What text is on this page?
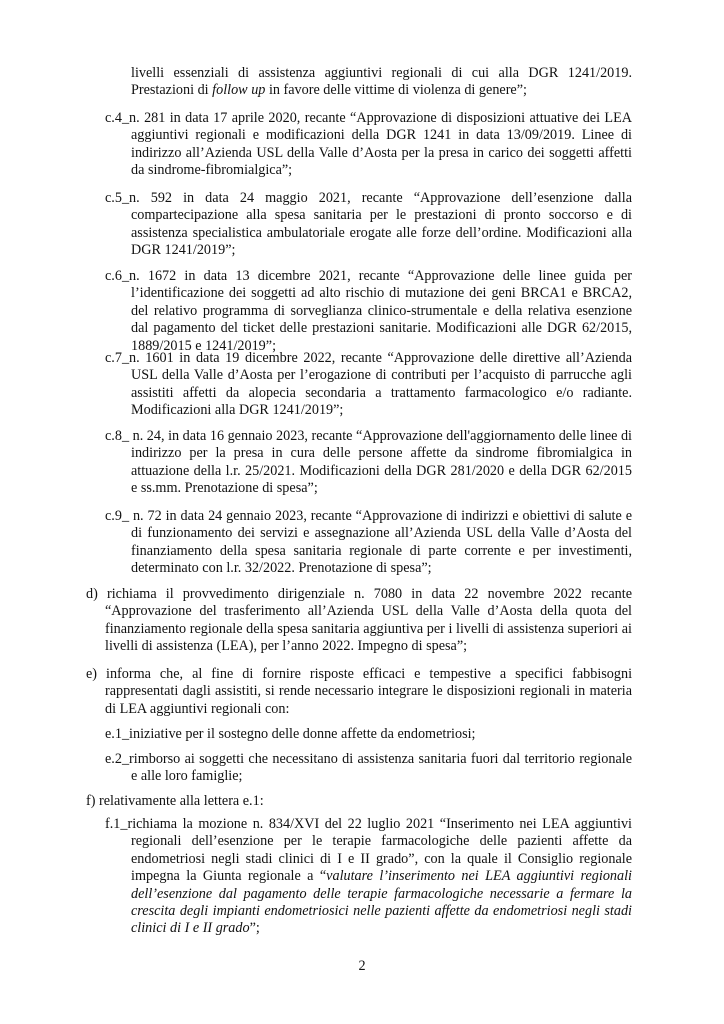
livelli essenziali di assistenza aggiuntivi regionali di cui alla DGR 1241/2019. Prestazioni di follow up in favore delle vittime di violenza di genere”;
c.4_n. 281 in data 17 aprile 2020, recante “Approvazione di disposizioni attuative dei LEA aggiuntivi regionali e modificazioni della DGR 1241 in data 13/09/2019. Linee di indirizzo all’Azienda USL della Valle d’Aosta per la presa in carico dei soggetti affetti da sindrome-fibromialgica”;
c.5_n. 592 in data 24 maggio 2021, recante “Approvazione dell’esenzione dalla compartecipazione alla spesa sanitaria per le prestazioni di pronto soccorso e di assistenza specialistica ambulatoriale erogate alle forze dell’ordine. Modificazioni alla DGR 1241/2019”;
c.6_n. 1672 in data 13 dicembre 2021, recante “Approvazione delle linee guida per l’identificazione dei soggetti ad alto rischio di mutazione dei geni BRCA1 e BRCA2, del relativo programma di sorveglianza clinico-strumentale e della relativa esenzione dal pagamento del ticket delle prestazioni sanitarie. Modificazioni alle DGR 62/2015, 1889/2015 e 1241/2019”;
c.7_n. 1601 in data 19 dicembre 2022, recante “Approvazione delle direttive all’Azienda USL della Valle d’Aosta per l’erogazione di contributi per l’acquisto di parrucche agli assistiti affetti da alopecia secondaria a trattamento farmacologico e/o radiante. Modificazioni alla DGR 1241/2019”;
c.8_ n. 24, in data 16 gennaio 2023, recante “Approvazione dell'aggiornamento delle linee di indirizzo per la presa in cura delle persone affette da sindrome fibromialgica in attuazione della l.r. 25/2021. Modificazioni della DGR 281/2020 e della DGR 62/2015 e ss.mm. Prenotazione di spesa”;
c.9_ n. 72 in data 24 gennaio 2023, recante “Approvazione di indirizzi e obiettivi di salute e di funzionamento dei servizi e assegnazione all’Azienda USL della Valle d’Aosta del finanziamento della spesa sanitaria regionale di parte corrente e per investimenti, determinato con l.r. 32/2022. Prenotazione di spesa”;
d) richiama il provvedimento dirigenziale n. 7080 in data 22 novembre 2022 recante “Approvazione del trasferimento all’Azienda USL della Valle d’Aosta della quota del finanziamento regionale della spesa sanitaria aggiuntiva per i livelli di assistenza superiori ai livelli di assistenza (LEA), per l’anno 2022. Impegno di spesa”;
e) informa che, al fine di fornire risposte efficaci e tempestive a specifici fabbisogni rappresentati dagli assistiti, si rende necessario integrare le disposizioni regionali in materia di LEA aggiuntivi regionali con:
e.1_iniziative per il sostegno delle donne affette da endometriosi;
e.2_rimborso ai soggetti che necessitano di assistenza sanitaria fuori dal territorio regionale e alle loro famiglie;
f) relativamente alla lettera e.1:
f.1_richiama la mozione n. 834/XVI del 22 luglio 2021 “Inserimento nei LEA aggiuntivi regionali dell’esenzione per le terapie farmacologiche delle pazienti affette da endometriosi negli stadi clinici di I e II grado”, con la quale il Consiglio regionale impegna la Giunta regionale a “valutare l’inserimento nei LEA aggiuntivi regionali dell’esenzione dal pagamento delle terapie farmacologiche necessarie a fermare la crescita degli impianti endometriosici nelle pazienti affette da endometriosi negli stadi clinici di I e II grado”;
2
